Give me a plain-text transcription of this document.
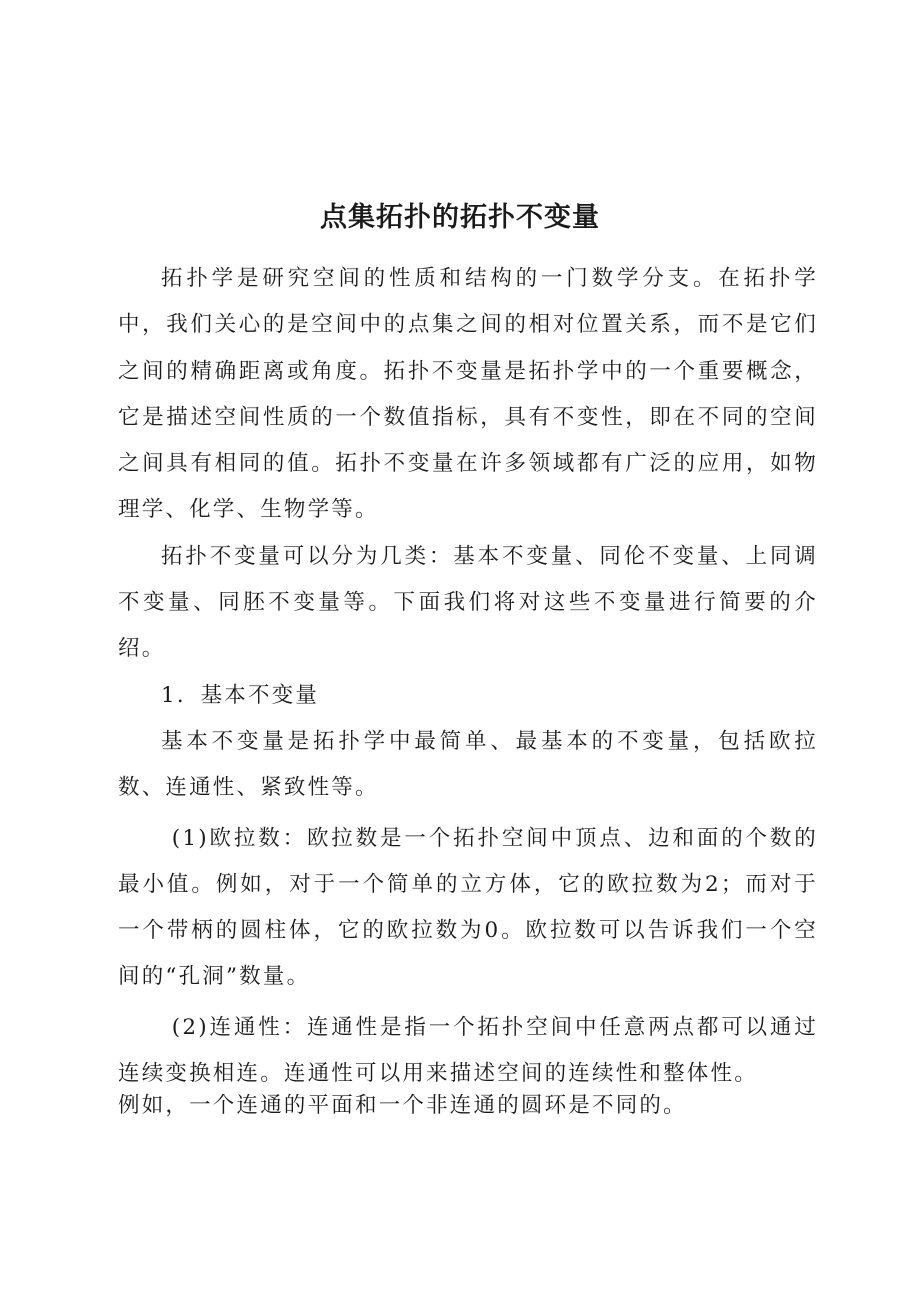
点集拓扑的拓扑不变量

拓扑学是研究空间的性质和结构的一门数学分支。在拓扑学中，我们关心的是空间中的点集之间的相对位置关系，而不是它们之间的精确距离或角度。拓扑不变量是拓扑学中的一个重要概念，它是描述空间性质的一个数值指标，具有不变性，即在不同的空间之间具有相同的值。拓扑不变量在许多领域都有广泛的应用，如物理学、化学、生物学等。

拓扑不变量可以分为几类：基本不变量、同伦不变量、上同调不变量、同胚不变量等。下面我们将对这些不变量进行简要的介绍。

1．基本不变量

基本不变量是拓扑学中最简单、最基本的不变量，包括欧拉数、连通性、紧致性等。

(1)欧拉数：欧拉数是一个拓扑空间中顶点、边和面的个数的最小值。例如，对于一个简单的立方体，它的欧拉数为2；而对于一个带柄的圆柱体，它的欧拉数为0。欧拉数可以告诉我们一个空间的“孔洞”数量。

(2)连通性：连通性是指一个拓扑空间中任意两点都可以通过连续变换相连。连通性可以用来描述空间的连续性和整体性。

例如，一个连通的平面和一个非连通的圆环是不同的。
